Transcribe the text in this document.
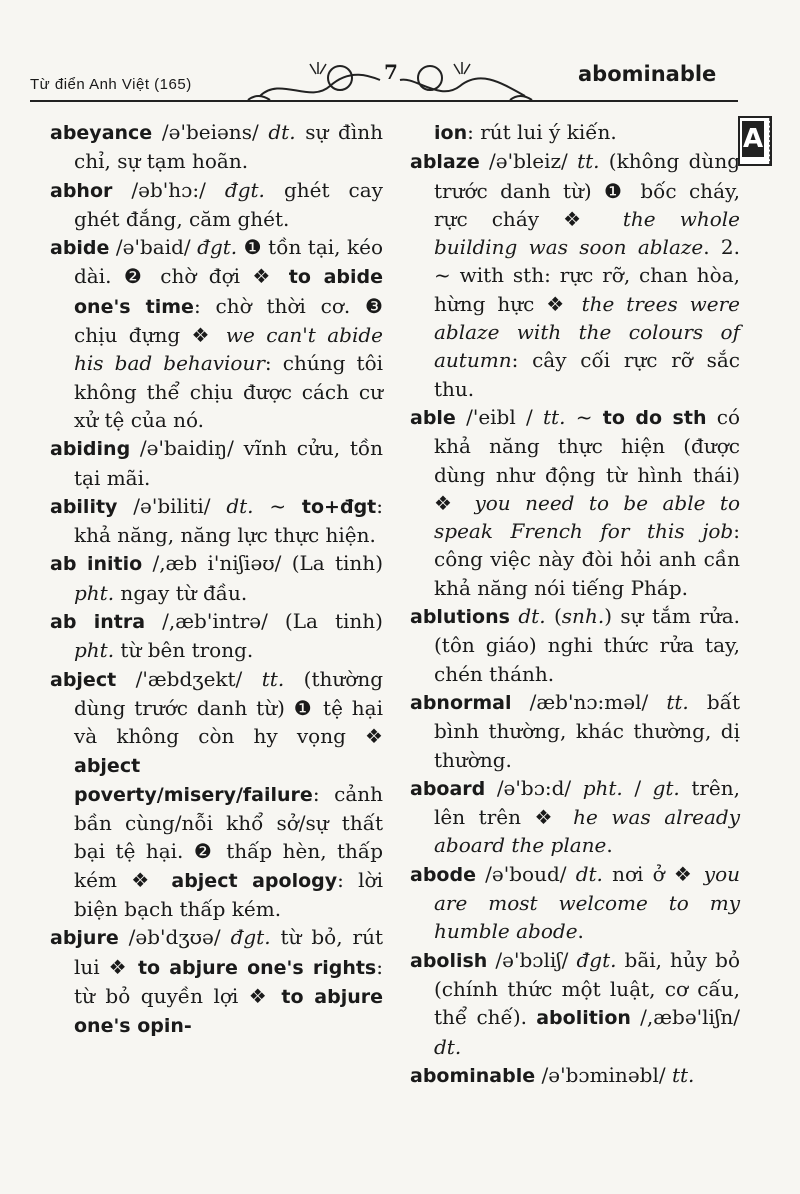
Từ điển Anh Việt (165)
7	abominable
A
abeyance /ə'beiəns/ dt. sự đình chỉ, sự tạm hoãn.
abhor /əb'hɔ:/ đgt. ghét cay ghét đắng, căm ghét.
abide /ə'baid/ đgt. ❶ tồn tại, kéo dài. ❷ chờ đợi ❖ to abide one's time: chờ thời cơ. ❸ chịu đựng ❖ we can't abide his bad behaviour: chúng tôi không thể chịu được cách cư xử tệ của nó.
abiding /ə'baidiŋ/ vĩnh cửu, tồn tại mãi.
ability /ə'biliti/ dt. ~ to+đgt: khả năng, năng lực thực hiện.
ab initio /,æb i'niʃiəʊ/ (La tinh) pht. ngay từ đầu.
ab intra /,æb'intrə/ (La tinh) pht. từ bên trong.
abject /'æbdʒekt/ tt. (thường dùng trước danh từ) ❶ tệ hại và không còn hy vọng ❖ abject poverty/misery/failure: cảnh bần cùng/nỗi khổ sở/sự thất bại tệ hại. ❷ thấp hèn, thấp kém ❖ abject apology: lời biện bạch thấp kém.
abjure /əb'dʒʊə/ đgt. từ bỏ, rút lui ❖ to abjure one's rights: từ bỏ quyền lợi ❖ to abjure one's opin-
ion: rút lui ý kiến.
ablaze /ə'bleiz/ tt. (không dùng trước danh từ) ❶ bốc cháy, rực cháy ❖ the whole building was soon ablaze. 2. ~ with sth: rực rỡ, chan hòa, hừng hực ❖ the trees were ablaze with the colours of autumn: cây cối rực rỡ sắc thu.
able /'eibl / tt. ~ to do sth có khả năng thực hiện (được dùng như động từ hình thái) ❖ you need to be able to speak French for this job: công việc này đòi hỏi anh cần khả năng nói tiếng Pháp.
ablutions dt. (snh.) sự tắm rửa. (tôn giáo) nghi thức rửa tay, chén thánh.
abnormal /æb'nɔ:məl/ tt. bất bình thường, khác thường, dị thường.
aboard /ə'bɔ:d/ pht. / gt. trên, lên trên ❖ he was already aboard the plane.
abode /ə'boud/ dt. nơi ở ❖ you are most welcome to my humble abode.
abolish /ə'bɔliʃ/ đgt. bãi, hủy bỏ (chính thức một luật, cơ cấu, thể chế). abolition /,æbə'liʃn/ dt.
abominable /ə'bɔminəbl/ tt.
